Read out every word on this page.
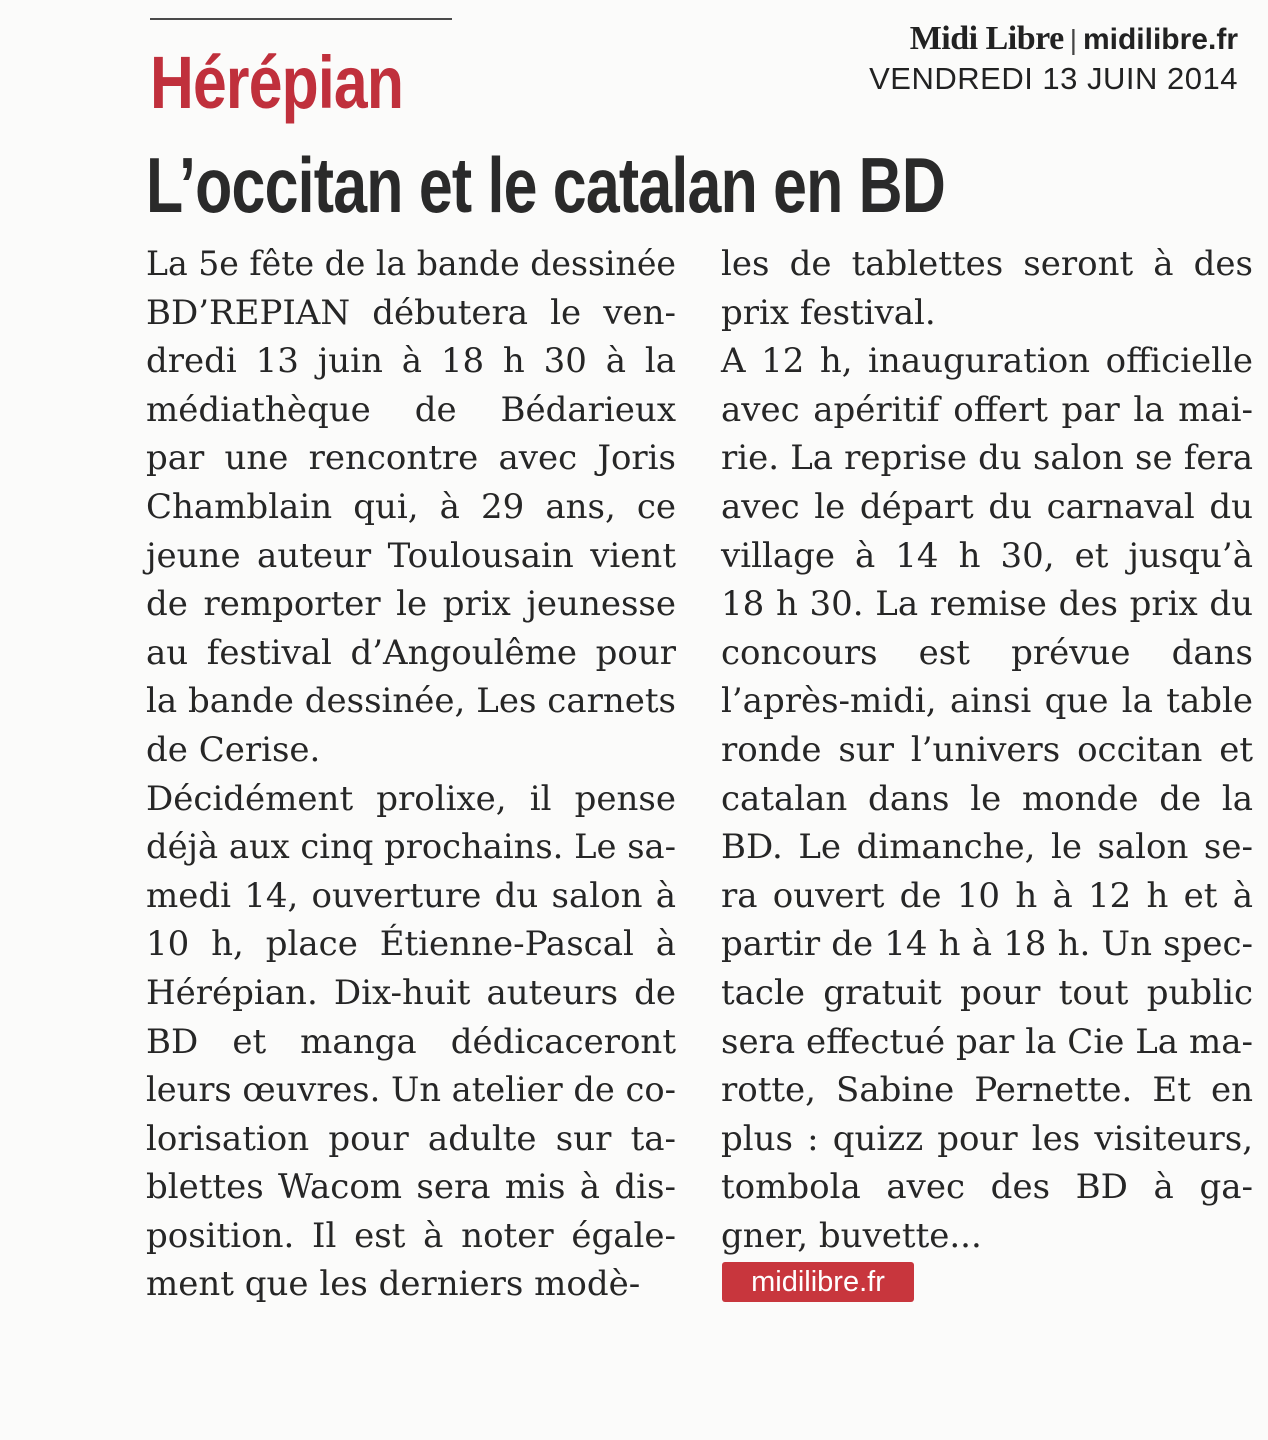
Midi Libre | midilibre.fr
VENDREDI 13 JUIN 2014
Hérépian
L’occitan et le catalan en BD
La 5e fête de la bande dessinée
BD’REPIAN débutera le ven-
dredi 13 juin à 18 h 30 à la
médiathèque de Bédarieux
par une rencontre avec Joris
Chamblain qui, à 29 ans, ce
jeune auteur Toulousain vient
de remporter le prix jeunesse
au festival d’Angoulême pour
la bande dessinée, Les carnets
de Cerise.
Décidément prolixe, il pense
déjà aux cinq prochains. Le sa-
medi 14, ouverture du salon à
10 h, place Étienne-Pascal à
Hérépian. Dix-huit auteurs de
BD et manga dédicaceront
leurs œuvres. Un atelier de co-
lorisation pour adulte sur ta-
blettes Wacom sera mis à dis-
position. Il est à noter égale-
ment que les derniers modè-
les de tablettes seront à des
prix festival.
A 12 h, inauguration officielle
avec apéritif offert par la mai-
rie. La reprise du salon se fera
avec le départ du carnaval du
village à 14 h 30, et jusqu’à
18 h 30. La remise des prix du
concours est prévue dans
l’après-midi, ainsi que la table
ronde sur l’univers occitan et
catalan dans le monde de la
BD. Le dimanche, le salon se-
ra ouvert de 10 h à 12 h et à
partir de 14 h à 18 h. Un spec-
tacle gratuit pour tout public
sera effectué par la Cie La ma-
rotte, Sabine Pernette. Et en
plus : quizz pour les visiteurs,
tombola avec des BD à ga-
gner, buvette...
midilibre.fr
